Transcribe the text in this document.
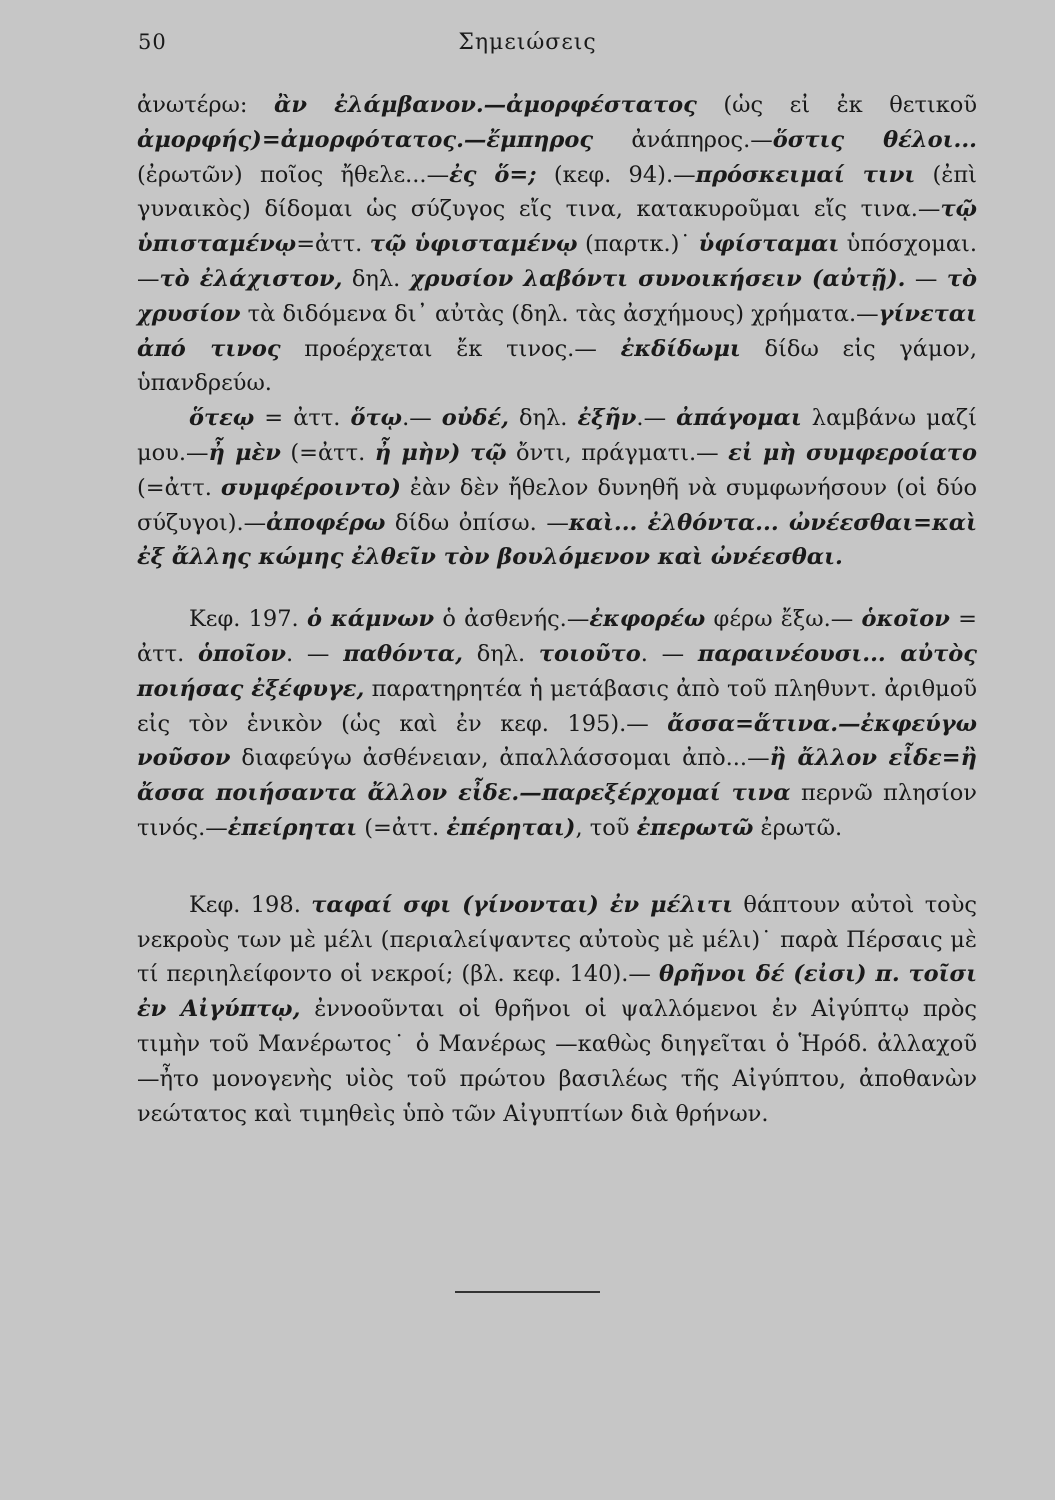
50	Σημειώσεις

ἀνωτέρω: ἂν ἐλάμβανον.—ἀμορφέστατος (ὡς εἰ ἐκ θετικοῦ ἀμορφής)=ἀμορφότατος.—ἔμπηρος ἀνάπηρος.—ὅστις θέλοι... (ἐρωτῶν) ποῖος ἤθελε...—ἐς ὅ=; (κεφ. 94).—πρόσκειμαί τινι (ἐπὶ γυναικὸς) δίδομαι ὡς σύζυγος εἴς τινα, κατακυροῦμαι εἴς τινα.—τῷ ὑπισταμένῳ=ἀττ. τῷ ὑφισταμένῳ (παρτκ.)˙ ὑφίσταμαι ὑπόσχομαι.—τὸ ἐλάχιστον, δηλ. χρυσίον λαβόντι συνοικήσειν (αὐτῇ). — τὸ χρυσίον τὰ διδόμενα δι᾿ αὐτὰς (δηλ. τὰς ἀσχήμους) χρήματα.—γίνεται ἀπό τινος προέρχεται ἔκ τινος.— ἐκδίδωμι δίδω εἰς γάμον, ὑπανδρεύω.

ὅτεῳ = ἀττ. ὅτῳ.— οὐδέ, δηλ. ἐξῆν.— ἀπάγομαι λαμβάνω μαζί μου.—ἦ μὲν (=ἀττ. ἦ μὴν) τῷ ὄντι, πράγματι.— εἰ μὴ συμφεροίατο (=ἀττ. συμφέροιντο) ἐὰν δὲν ἤθελον δυνηθῆ νὰ συμφωνήσουν (οἱ δύο σύζυγοι).—ἀποφέρω δίδω ὀπίσω. —καὶ... ἐλθόντα... ὠνέεσθαι=καὶ ἐξ ἄλλης κώμης ἐλθεῖν τὸν βουλόμενον καὶ ὠνέεσθαι.

Κεφ. 197. ὁ κάμνων ὁ ἀσθενής.—ἐκφορέω φέρω ἔξω.— ὁκοῖον = ἀττ. ὁποῖον. — παθόντα, δηλ. τοιοῦτο. — παραινέουσι... αὐτὸς ποιήσας ἐξέφυγε, παρατηρητέα ἡ μετάβασις ἀπὸ τοῦ πληθυντ. ἀριθμοῦ εἰς τὸν ἑνικὸν (ὡς καὶ ἐν κεφ. 195).— ἄσσα=ἅτινα.—ἐκφεύγω νοῦσον διαφεύγω ἀσθένειαν, ἀπαλλάσσομαι ἀπὸ...—ἢ ἄλλον εἶδε=ἢ ἄσσα ποιήσαντα ἄλλον εἶδε.—παρεξέρχομαί τινα περνῶ πλησίον τινός.—ἐπείρηται (=ἀττ. ἐπέρηται), τοῦ ἐπερωτῶ ἐρωτῶ.

Κεφ. 198. ταφαί σφι (γίνονται) ἐν μέλιτι θάπτουν αὐτοὶ τοὺς νεκροὺς των μὲ μέλι (περιαλείψαντες αὐτοὺς μὲ μέλι)˙ παρὰ Πέρσαις μὲ τί περιηλείφοντο οἱ νεκροί; (βλ. κεφ. 140).— θρῆνοι δέ (εἰσι) π. τοῖσι ἐν Αἰγύπτῳ, ἐννοοῦνται οἱ θρῆνοι οἱ ψαλλόμενοι ἐν Αἰγύπτῳ πρὸς τιμὴν τοῦ Μανέρωτος˙ ὁ Μανέρως —καθὼς διηγεῖται ὁ Ἡρόδ. ἀλλαχοῦ—ἦτο μονογενὴς υἱὸς τοῦ πρώτου βασιλέως τῆς Αἰγύπτου, ἀποθανὼν νεώτατος καὶ τιμηθεὶς ὑπὸ τῶν Αἰγυπτίων διὰ θρήνων.
